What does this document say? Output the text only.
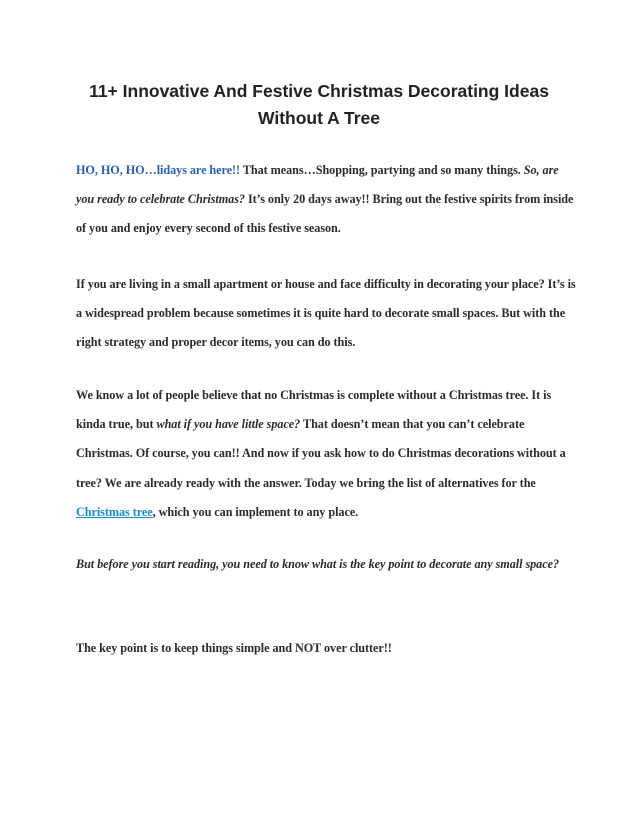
11+ Innovative And Festive Christmas Decorating Ideas Without A Tree

HO, HO, HO…lidays are here!! That means…Shopping, partying and so many things. So, are you ready to celebrate Christmas? It’s only 20 days away!! Bring out the festive spirits from inside of you and enjoy every second of this festive season.

If you are living in a small apartment or house and face difficulty in decorating your place? It’s is a widespread problem because sometimes it is quite hard to decorate small spaces. But with the right strategy and proper decor items, you can do this.

We know a lot of people believe that no Christmas is complete without a Christmas tree. It is kinda true, but what if you have little space? That doesn’t mean that you can’t celebrate Christmas. Of course, you can!! And now if you ask how to do Christmas decorations without a tree? We are already ready with the answer. Today we bring the list of alternatives for the Christmas tree, which you can implement to any place.

But before you start reading, you need to know what is the key point to decorate any small space?

The key point is to keep things simple and NOT over clutter!!
